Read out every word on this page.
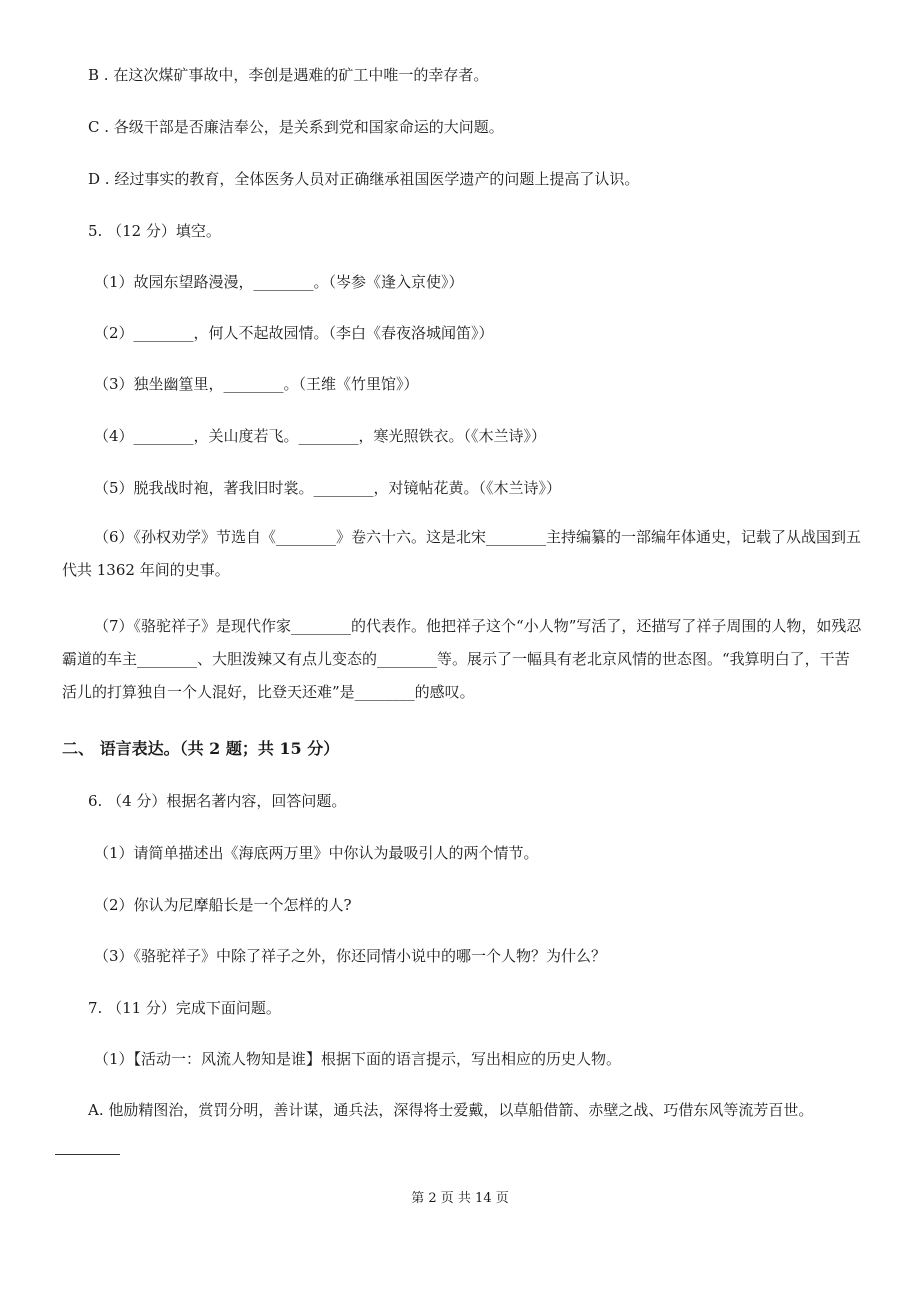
B . 在这次煤矿事故中，李创是遇难的矿工中唯一的幸存者。
C . 各级干部是否廉洁奉公，是关系到党和国家命运的大问题。
D . 经过事实的教育，全体医务人员对正确继承祖国医学遗产的问题上提高了认识。
5. （12 分）填空。
（1）故园东望路漫漫，________。（岑参《逢入京使》）
（2）________，何人不起故园情。（李白《春夜洛城闻笛》）
（3）独坐幽篁里，________。（王维《竹里馆》）
（4）________，关山度若飞。________，寒光照铁衣。（《木兰诗》）
（5）脱我战时袍，著我旧时裳。________，对镜帖花黄。（《木兰诗》）
（6）《孙权劝学》节选自《________》卷六十六。这是北宋________主持编纂的一部编年体通史，记载了从战国到五代共 1362 年间的史事。
（7）《骆驼祥子》是现代作家________的代表作。他把祥子这个“小人物”写活了，还描写了祥子周围的人物，如残忍霸道的车主________、大胆泼辣又有点儿变态的________等。展示了一幅具有老北京风情的世态图。“我算明白了，干苦活儿的打算独自一个人混好，比登天还难”是________的感叹。
二、 语言表达。（共 2 题；共 15 分）
6. （4 分）根据名著内容，回答问题。
（1）请简单描述出《海底两万里》中你认为最吸引人的两个情节。
（2）你认为尼摩船长是一个怎样的人?
（3）《骆驼祥子》中除了祥子之外，你还同情小说中的哪一个人物？为什么？
7. （11 分）完成下面问题。
（1）【活动一：风流人物知是谁】根据下面的语言提示，写出相应的历史人物。
A. 他励精图治，赏罚分明，善计谋，通兵法，深得将士爱戴，以草船借箭、赤壁之战、巧借东风等流芳百世。
第 2 页 共 14 页
